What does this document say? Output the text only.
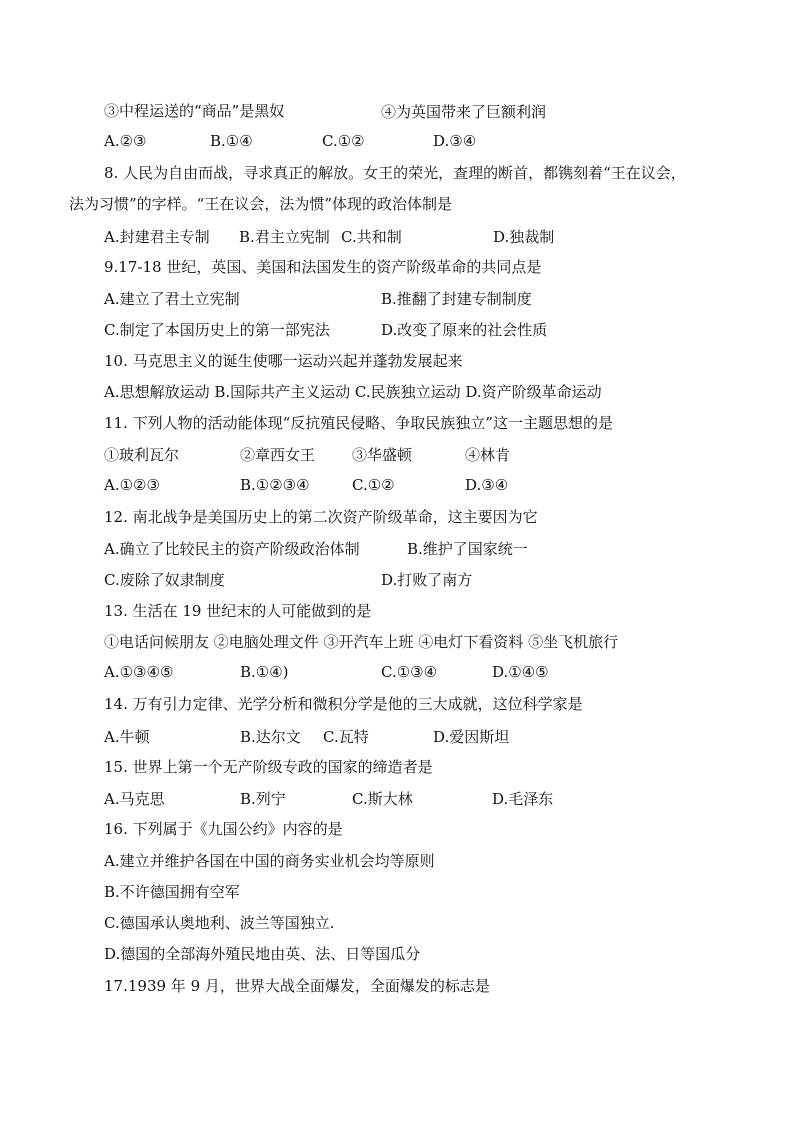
③中程运送的“商品”是黑奴	④为英国带来了巨额利润
A.②③	B.①④	C.①②	D.③④
8. 人民为自由而战，寻求真正的解放。女王的荣光，查理的断首，都镌刻着“王在议会，
法为习惯”的字样。“王在议会，法为惯”体现的政治体制是
A.封建君主专制 B.君主立宪制 C.共和制	D.独裁制
9.17-18 世纪，英国、美国和法国发生的资产阶级革命的共同点是
A.建立了君土立宪制	B.推翻了封建专制制度
C.制定了本国历史上的第一部宪法	D.改变了原来的社会性质
10. 马克思主义的诞生使哪一运动兴起并蓬勃发展起来
A.思想解放运动 B.国际共产主义运动 C.民族独立运动 D.资产阶级革命运动
11. 下列人物的活动能体现“反抗殖民侵略、争取民族独立”这一主题思想的是
①玻利瓦尔	②章西女王 ③华盛顿	④林肯
A.①②③	B.①②③④	C.①②	D.③④
12. 南北战争是美国历史上的第二次资产阶级革命，这主要因为它
A.确立了比较民主的资产阶级政治体制	B.维护了国家统一
C.废除了奴隶制度	D.打败了南方
13. 生活在 19 世纪末的人可能做到的是
①电话问候朋友 ②电脑处理文件 ③开汽车上班 ④电灯下看资料 ⑤坐飞机旅行
A.①③④⑤	B.①④)	C.①③④	D.①④⑤
14. 万有引力定律、光学分析和微积分学是他的三大成就，这位科学家是
A.牛顿	B.达尔文 C.瓦特	D.爱因斯坦
15. 世界上第一个无产阶级专政的国家的缔造者是
A.马克思	B.列宁	C.斯大林	D.毛泽东
16. 下列属于《九国公约》内容的是
A.建立并维护各国在中国的商务实业机会均等原则
B.不许德国拥有空军
C.德国承认奥地利、波兰等国独立.
D.德国的全部海外殖民地由英、法、日等国瓜分
17.1939 年 9 月，世界大战全面爆发，全面爆发的标志是
